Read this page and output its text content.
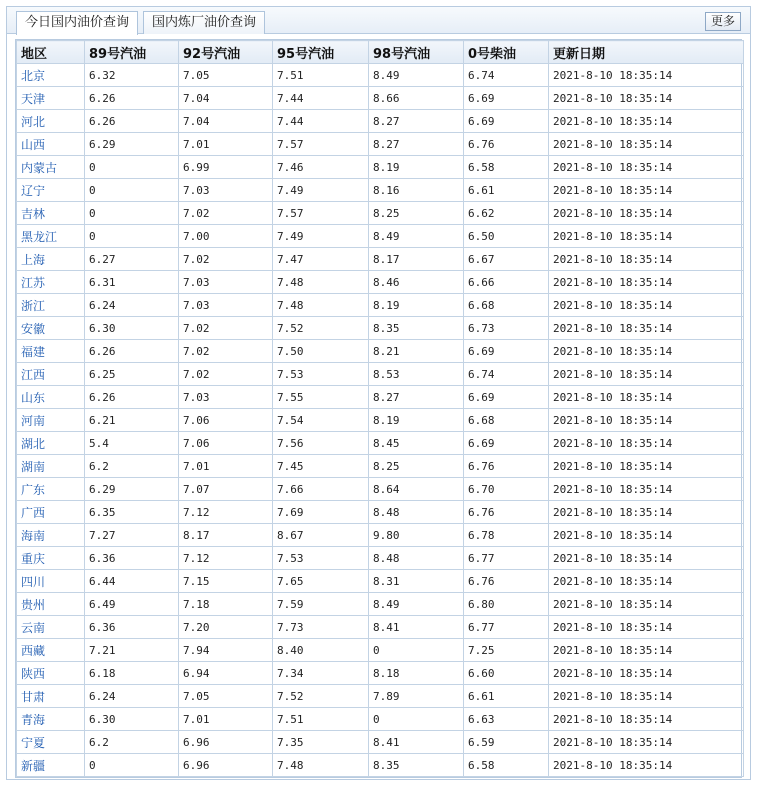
今日国内油价查询	国内炼厂油价查询	更多
地区	89号汽油	92号汽油	95号汽油	98号汽油	0号柴油	更新日期
北京	6.32	7.05	7.51	8.49	6.74	2021-8-10 18:35:14
天津	6.26	7.04	7.44	8.66	6.69	2021-8-10 18:35:14
河北	6.26	7.04	7.44	8.27	6.69	2021-8-10 18:35:14
山西	6.29	7.01	7.57	8.27	6.76	2021-8-10 18:35:14
内蒙古	0	6.99	7.46	8.19	6.58	2021-8-10 18:35:14
辽宁	0	7.03	7.49	8.16	6.61	2021-8-10 18:35:14
吉林	0	7.02	7.57	8.25	6.62	2021-8-10 18:35:14
黑龙江	0	7.00	7.49	8.49	6.50	2021-8-10 18:35:14
上海	6.27	7.02	7.47	8.17	6.67	2021-8-10 18:35:14
江苏	6.31	7.03	7.48	8.46	6.66	2021-8-10 18:35:14
浙江	6.24	7.03	7.48	8.19	6.68	2021-8-10 18:35:14
安徽	6.30	7.02	7.52	8.35	6.73	2021-8-10 18:35:14
福建	6.26	7.02	7.50	8.21	6.69	2021-8-10 18:35:14
江西	6.25	7.02	7.53	8.53	6.74	2021-8-10 18:35:14
山东	6.26	7.03	7.55	8.27	6.69	2021-8-10 18:35:14
河南	6.21	7.06	7.54	8.19	6.68	2021-8-10 18:35:14
湖北	5.4	7.06	7.56	8.45	6.69	2021-8-10 18:35:14
湖南	6.2	7.01	7.45	8.25	6.76	2021-8-10 18:35:14
广东	6.29	7.07	7.66	8.64	6.70	2021-8-10 18:35:14
广西	6.35	7.12	7.69	8.48	6.76	2021-8-10 18:35:14
海南	7.27	8.17	8.67	9.80	6.78	2021-8-10 18:35:14
重庆	6.36	7.12	7.53	8.48	6.77	2021-8-10 18:35:14
四川	6.44	7.15	7.65	8.31	6.76	2021-8-10 18:35:14
贵州	6.49	7.18	7.59	8.49	6.80	2021-8-10 18:35:14
云南	6.36	7.20	7.73	8.41	6.77	2021-8-10 18:35:14
西藏	7.21	7.94	8.40	0	7.25	2021-8-10 18:35:14
陕西	6.18	6.94	7.34	8.18	6.60	2021-8-10 18:35:14
甘肃	6.24	7.05	7.52	7.89	6.61	2021-8-10 18:35:14
青海	6.30	7.01	7.51	0	6.63	2021-8-10 18:35:14
宁夏	6.2	6.96	7.35	8.41	6.59	2021-8-10 18:35:14
新疆	0	6.96	7.48	8.35	6.58	2021-8-10 18:35:14
